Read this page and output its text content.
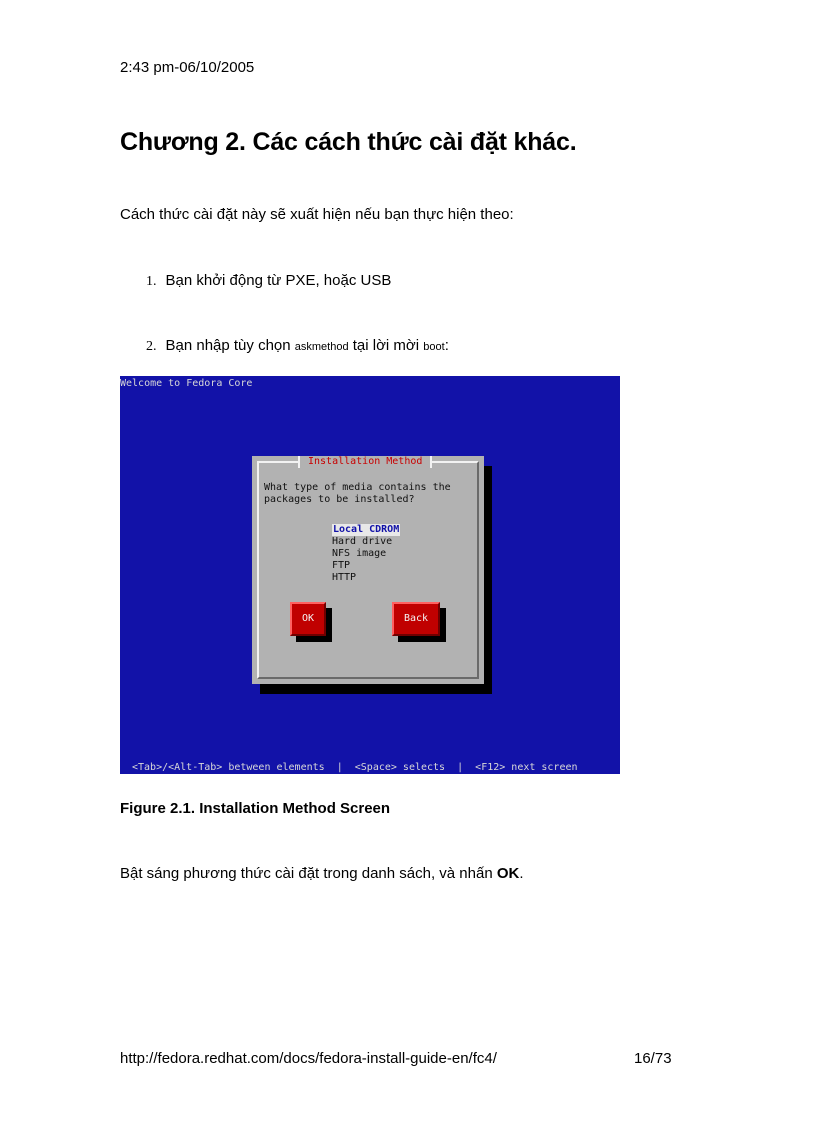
2:43 pm-06/10/2005
Chương 2. Các cách thức cài đặt khác.
Cách thức cài đặt này sẽ xuất hiện nếu bạn thực hiện theo:
1. Bạn khởi động từ PXE, hoặc USB
2. Bạn nhập tùy chọn askmethod tại lời mời boot:
Welcome to Fedora Core
Installation Method
What type of media contains the packages to be installed?
Local CDROM
Hard drive
NFS image
FTP
HTTP
OK	Back
<Tab>/<Alt-Tab> between elements  |  <Space> selects  |  <F12> next screen
Figure 2.1. Installation Method Screen
Bật sáng phương thức cài đặt trong danh sách, và nhấn OK.
http://fedora.redhat.com/docs/fedora-install-guide-en/fc4/	16/73
